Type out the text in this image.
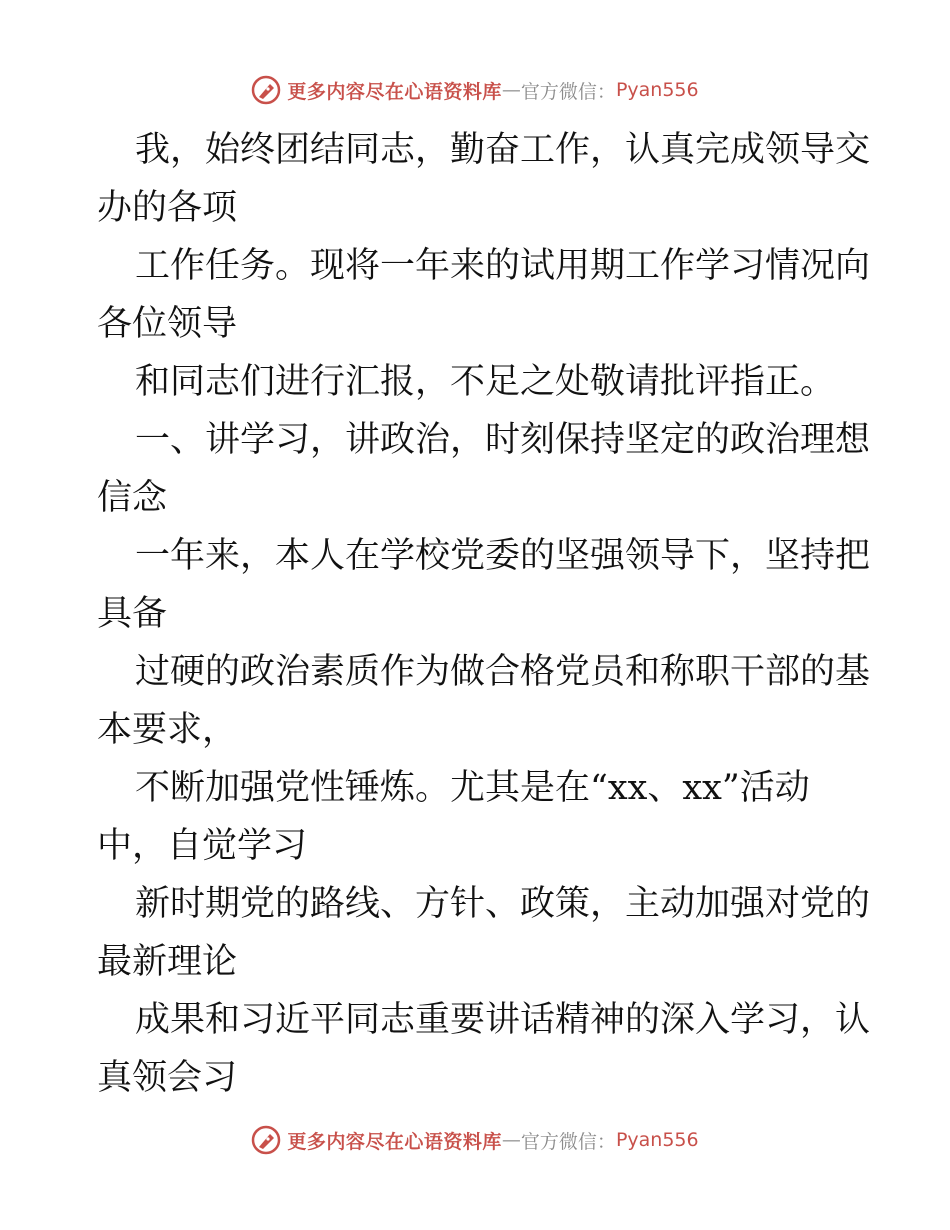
更多内容尽在心语资料库 — 官方微信： Pyan556
我，始终团结同志，勤奋工作，认真完成领导交
办的各项
工作任务。现将一年来的试用期工作学习情况向
各位领导
和同志们进行汇报，不足之处敬请批评指正。
一、讲学习，讲政治，时刻保持坚定的政治理想
信念
一年来，本人在学校党委的坚强领导下，坚持把
具备
过硬的政治素质作为做合格党员和称职干部的基
本要求，
不断加强党性锤炼。尤其是在“xx、xx”活动
中，自觉学习
新时期党的路线、方针、政策，主动加强对党的
最新理论
成果和习近平同志重要讲话精神的深入学习，认
真领会习
更多内容尽在心语资料库 — 官方微信： Pyan556
